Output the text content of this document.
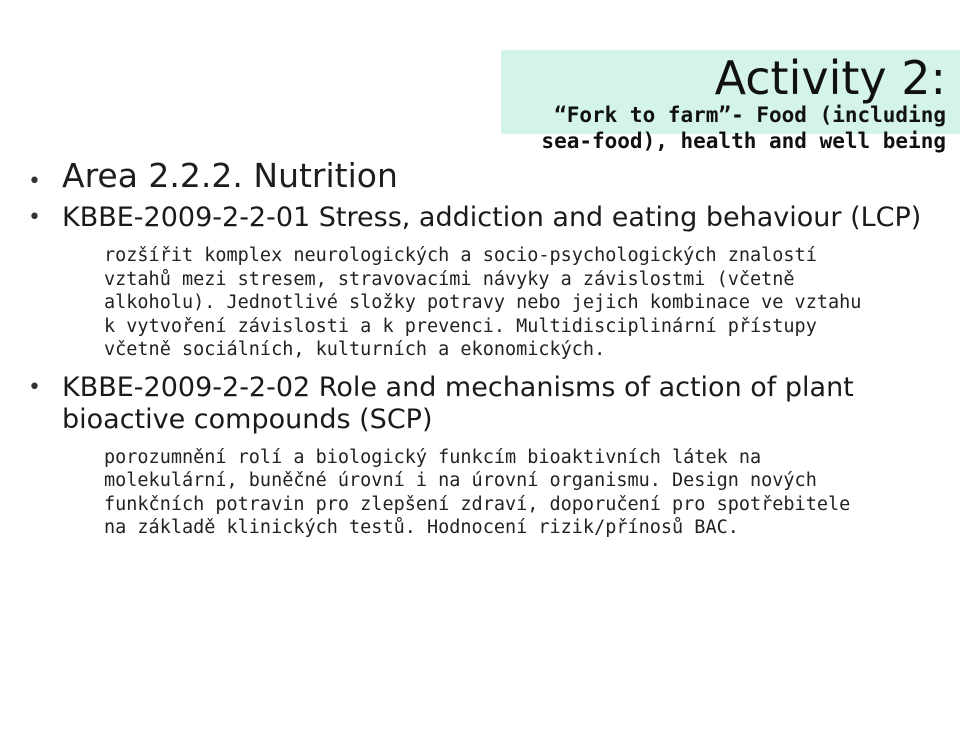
Activity 2:
“Fork to farm”- Food (including sea-food), health and well being
• Area 2.2.2. Nutrition
• KBBE-2009-2-2-01 Stress, addiction and eating behaviour (LCP)
rozšířit komplex neurologických a socio-psychologických znalostí vztahů mezi stresem, stravovacími návyky a závislostmi (včetně alkoholu). Jednotlivé složky potravy nebo jejich kombinace ve vztahu k vytvoření závislosti a k prevenci. Multidisciplinární přístupy včetně sociálních, kulturních a ekonomických.
• KBBE-2009-2-2-02 Role and mechanisms of action of plant bioactive compounds (SCP)
porozumnění rolí a biologický funkcím bioaktivních látek na molekulární, buněčné úrovní i na úrovní organismu. Design nových funkčních potravin pro zlepšení zdraví, doporučení pro spotřebitele na základě klinických testů. Hodnocení rizik/přínosů BAC.
